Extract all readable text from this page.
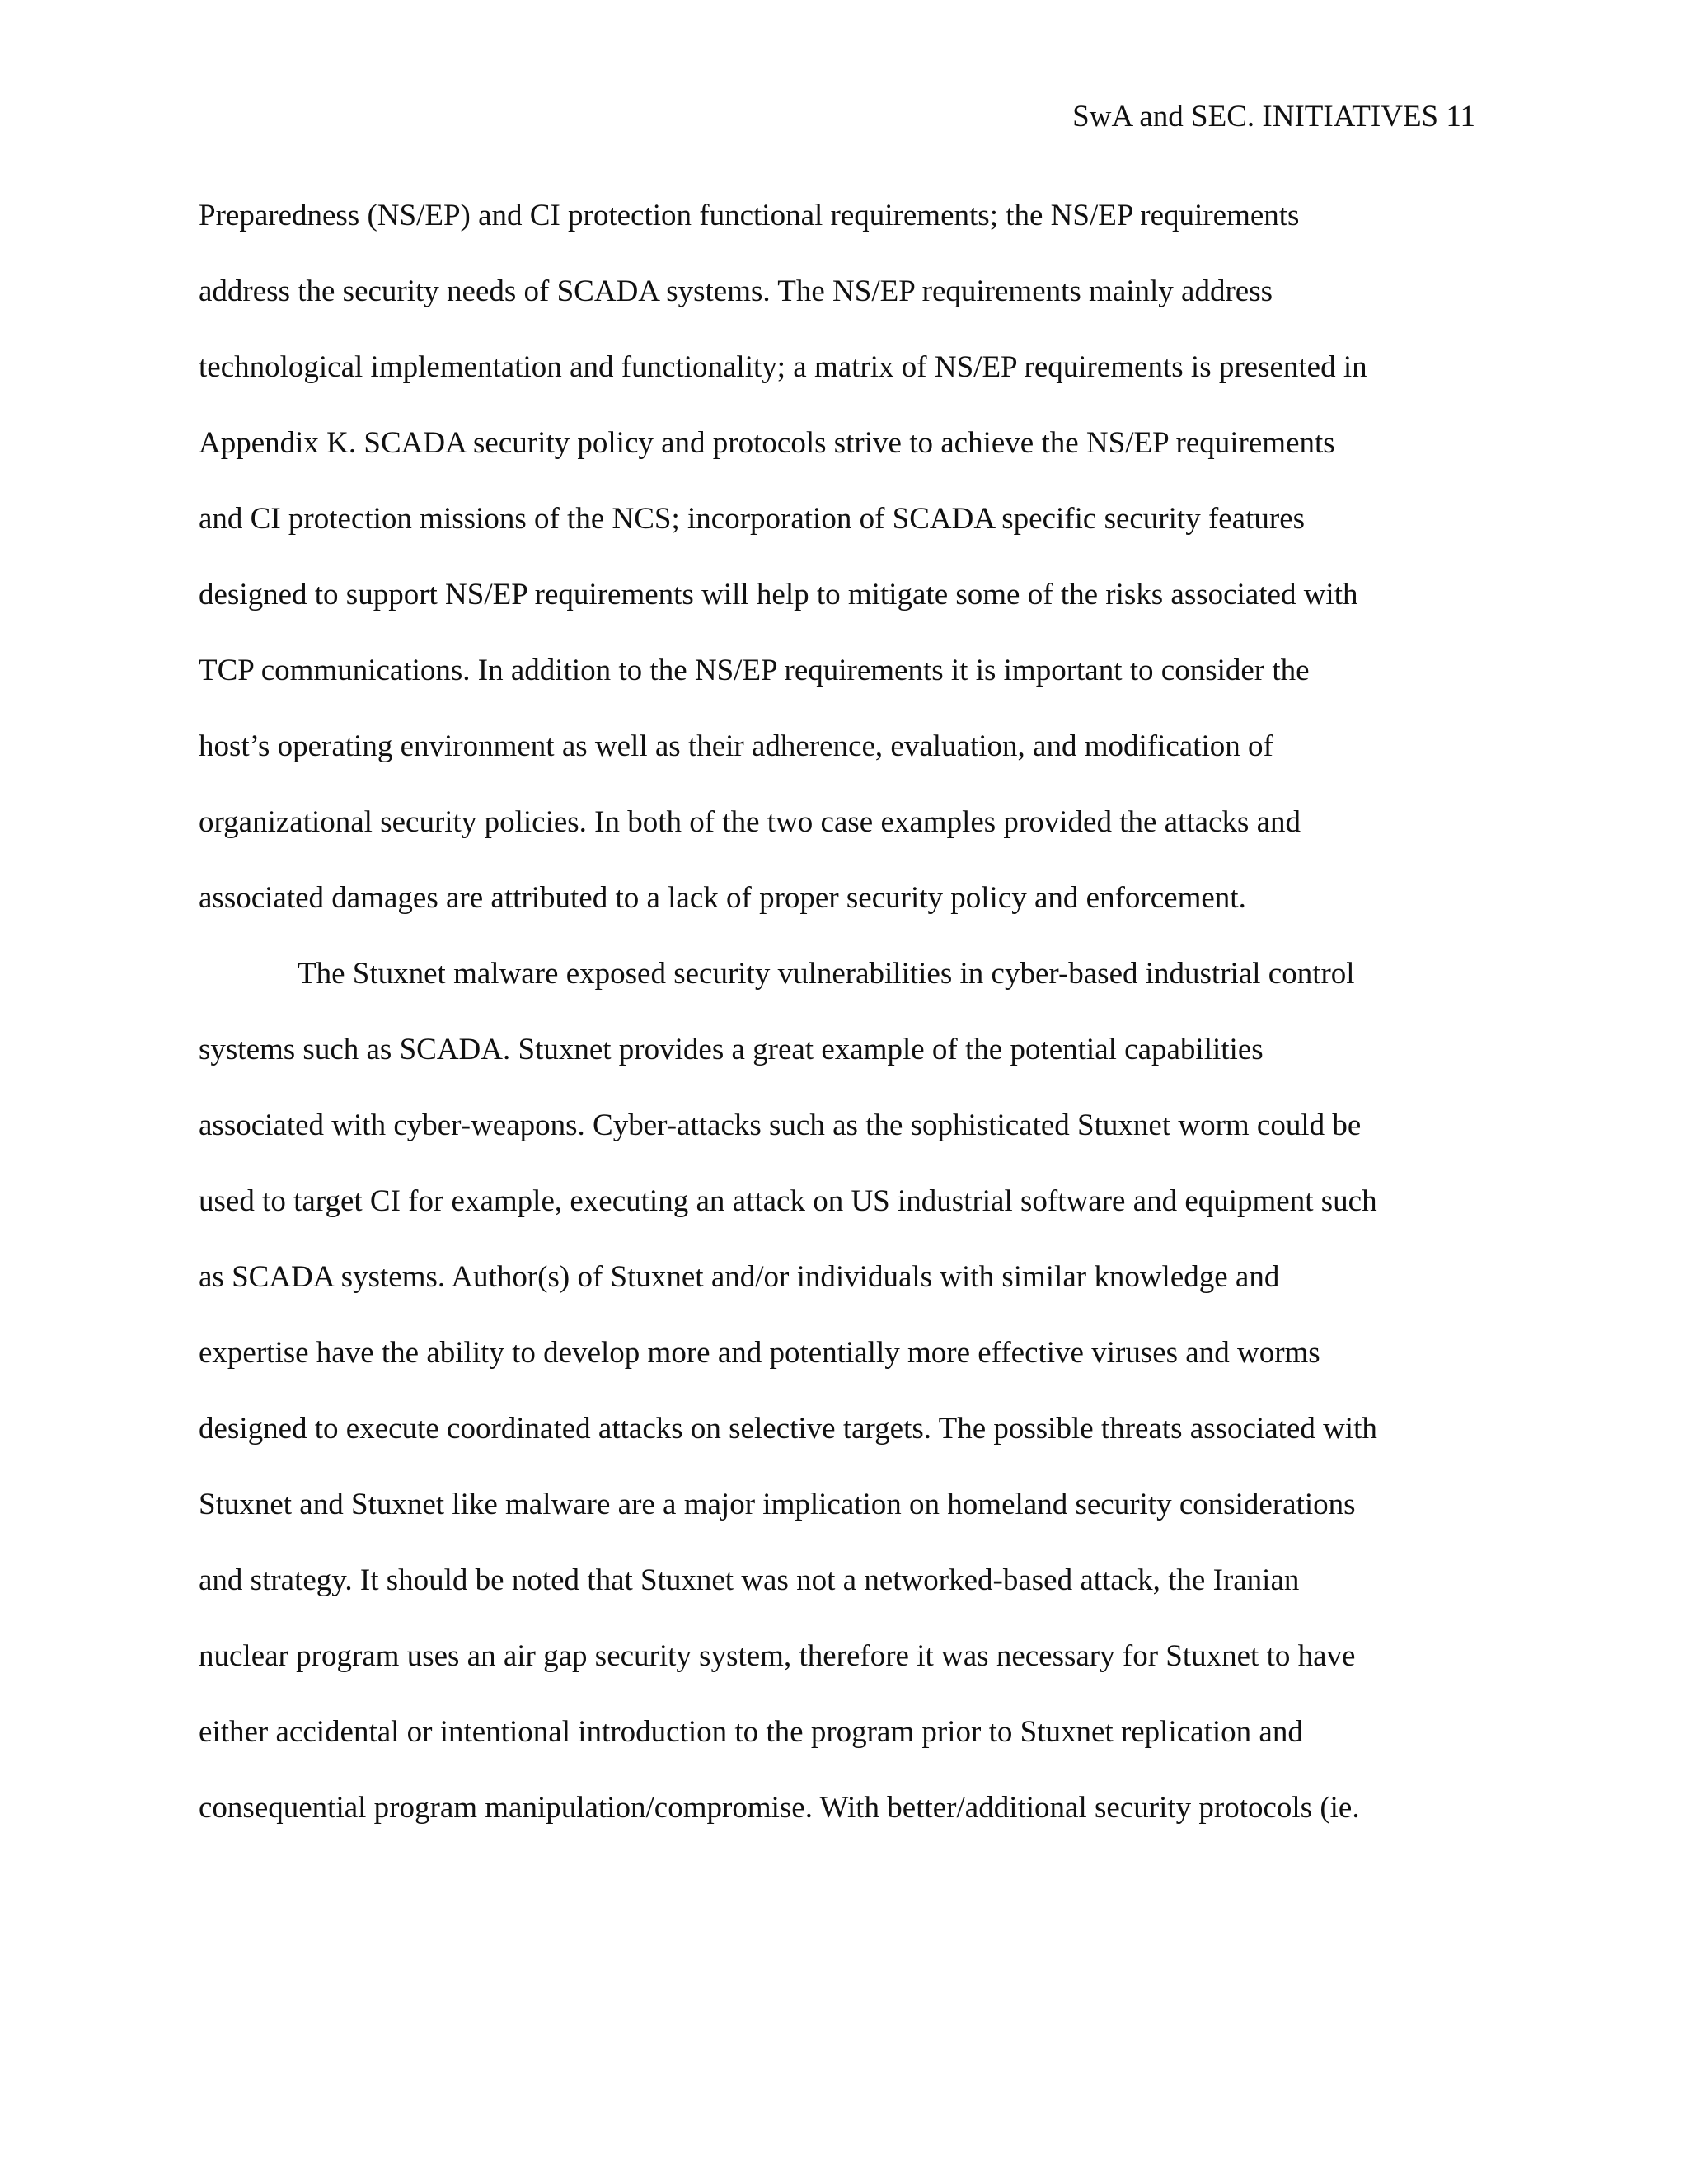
SwA and SEC. INITIATIVES 11
Preparedness (NS/EP) and CI protection functional requirements; the NS/EP requirements
address the security needs of SCADA systems. The NS/EP requirements mainly address
technological implementation and functionality; a matrix of NS/EP requirements is presented in
Appendix K. SCADA security policy and protocols strive to achieve the NS/EP requirements
and CI protection missions of the NCS; incorporation of SCADA specific security features
designed to support NS/EP requirements will help to mitigate some of the risks associated with
TCP communications. In addition to the NS/EP requirements it is important to consider the
host’s operating environment as well as their adherence, evaluation, and modification of
organizational security policies. In both of the two case examples provided the attacks and
associated damages are attributed to a lack of proper security policy and enforcement.
The Stuxnet malware exposed security vulnerabilities in cyber-based industrial control
systems such as SCADA. Stuxnet provides a great example of the potential capabilities
associated with cyber-weapons. Cyber-attacks such as the sophisticated Stuxnet worm could be
used to target CI for example, executing an attack on US industrial software and equipment such
as SCADA systems. Author(s) of Stuxnet and/or individuals with similar knowledge and
expertise have the ability to develop more and potentially more effective viruses and worms
designed to execute coordinated attacks on selective targets. The possible threats associated with
Stuxnet and Stuxnet like malware are a major implication on homeland security considerations
and strategy. It should be noted that Stuxnet was not a networked-based attack, the Iranian
nuclear program uses an air gap security system, therefore it was necessary for Stuxnet to have
either accidental or intentional introduction to the program prior to Stuxnet replication and
consequential program manipulation/compromise. With better/additional security protocols (ie.
